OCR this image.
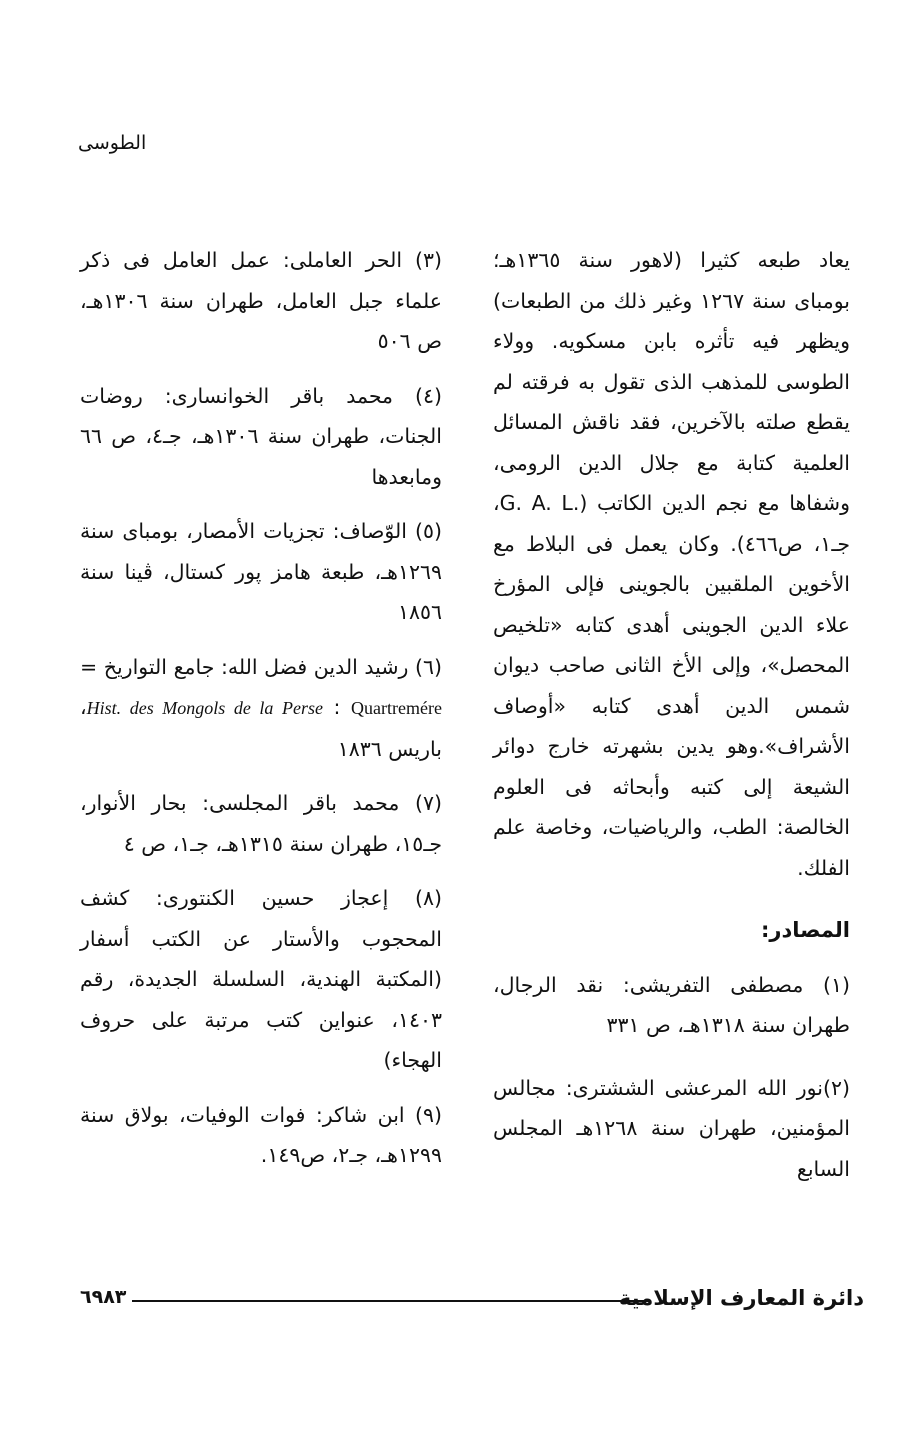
الطوسى

يعاد طبعه كثيرا (لاهور سنة ١٣٦٥هـ؛ بومباى سنة ١٢٦٧ وغير ذلك من الطبعات) ويظهر فيه تأثره بابن مسكويه. وولاء الطوسى للمذهب الذى تقول به فرقته لم يقطع صلته بالآخرين، فقد ناقش المسائل العلمية كتابة مع جلال الدين الرومى، وشفاها مع نجم الدين الكاتب (.G. A. L، جـ١، ص٤٦٦). وكان يعمل فى البلاط مع الأخوين الملقبين بالجوينى فإلى المؤرخ علاء الدين الجوينى أهدى كتابه «تلخيص المحصل»، وإلى الأخ الثانى صاحب ديوان شمس الدين أهدى كتابه «أوصاف الأشراف».وهو يدين بشهرته خارج دوائر الشيعة إلى كتبه وأبحاثه فى العلوم الخالصة: الطب، والرياضيات، وخاصة علم الفلك.

المصادر:

(١) مصطفى التفريشى: نقد الرجال، طهران سنة ١٣١٨هـ، ص ٣٣١

(٢)نور الله المرعشى الششترى: مجالس المؤمنين، طهران سنة ١٢٦٨هـ المجلس السابع

(٣) الحر العاملى: عمل العامل فى ذكر علماء جبل العامل، طهران سنة ١٣٠٦هـ، ص ٥٠٦

(٤) محمد باقر الخوانسارى: روضات الجنات، طهران سنة ١٣٠٦هـ، جـ٤، ص ٦٦ ومابعدها

(٥) الوّصاف: تجزيات الأمصار، بومباى سنة ١٢٦٩هـ، طبعة هامز پور كستال، ڤينا سنة ١٨٥٦

(٦) رشيد الدين فضل الله: جامع التواريخ = Quartremére : Hist. des Mongols de la Perse، باريس ١٨٣٦

(٧) محمد باقر المجلسى: بحار الأنوار، جـ١٥، طهران سنة ١٣١٥هـ، جـ١، ص ٤

(٨) إعجاز حسين الكنتورى: كشف المحجوب والأستار عن الكتب أسفار (المكتبة الهندية، السلسلة الجديدة، رقم ١٤٠٣، عنواين كتب مرتبة على حروف الهجاء)

(٩) ابن شاكر: فوات الوفيات، بولاق سنة ١٢٩٩هـ، جـ٢، ص١٤٩.

٦٩٨٣	دائرة المعارف الإسلامية
